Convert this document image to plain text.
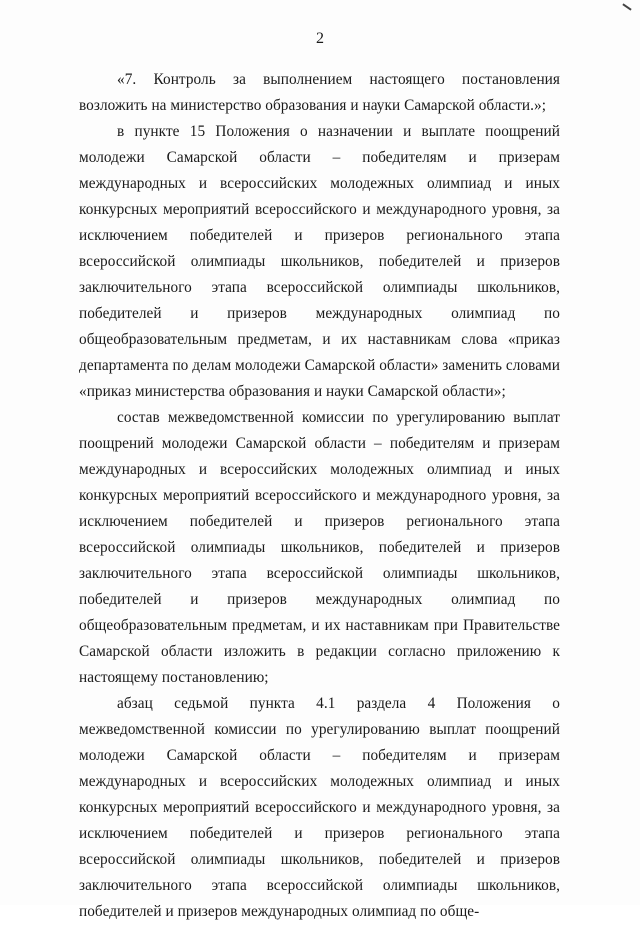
2

«7. Контроль за выполнением настоящего постановления возложить на министерство образования и науки Самарской области.»;

в пункте 15 Положения о назначении и выплате поощрений молодежи Самарской области – победителям и призерам международных и всероссийских молодежных олимпиад и иных конкурсных мероприятий всероссийского и международного уровня, за исключением победителей и призеров регионального этапа всероссийской олимпиады школьников, победителей и призеров заключительного этапа всероссийской олимпиады школьников, победителей и призеров международных олимпиад по общеобразовательным предметам, и их наставникам слова «приказ департамента по делам молодежи Самарской области» заменить словами «приказ министерства образования и науки Самарской области»;

состав межведомственной комиссии по урегулированию выплат поощрений молодежи Самарской области – победителям и призерам международных и всероссийских молодежных олимпиад и иных конкурсных мероприятий всероссийского и международного уровня, за исключением победителей и призеров регионального этапа всероссийской олимпиады школьников, победителей и призеров заключительного этапа всероссийской олимпиады школьников, победителей и призеров международных олимпиад по общеобразовательным предметам, и их наставникам при Правительстве Самарской области изложить в редакции согласно приложению к настоящему постановлению;

абзац седьмой пункта 4.1 раздела 4 Положения о межведомственной комиссии по урегулированию выплат поощрений молодежи Самарской области – победителям и призерам международных и всероссийских молодежных олимпиад и иных конкурсных мероприятий всероссийского и международного уровня, за исключением победителей и призеров регионального этапа всероссийской олимпиады школьников, победителей и призеров заключительного этапа всероссийской олимпиады школьников, победителей и призеров международных олимпиад по обще-
